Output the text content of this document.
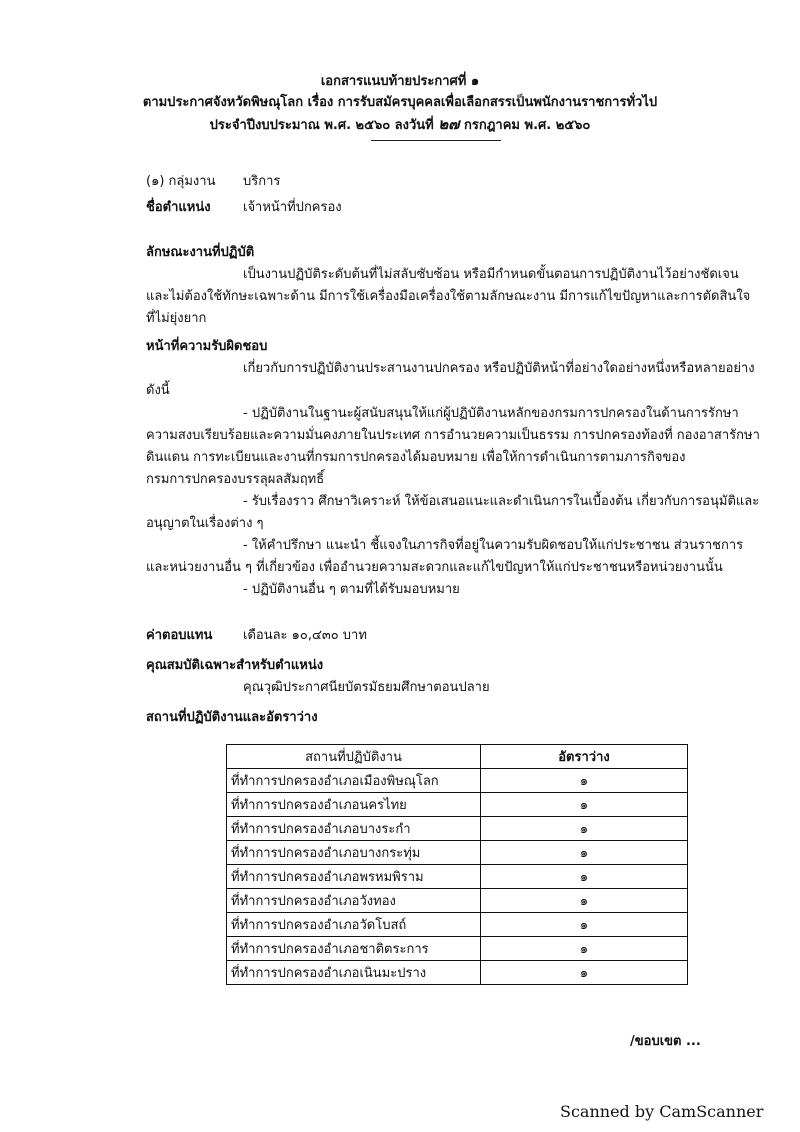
เอกสารแนบท้ายประกาศที่ ๑
ตามประกาศจังหวัดพิษณุโลก เรื่อง การรับสมัครบุคคลเพื่อเลือกสรรเป็นพนักงานราชการทั่วไป
ประจำปีงบประมาณ พ.ศ. ๒๕๖๐ ลงวันที่ ๒๗ กรกฎาคม พ.ศ. ๒๕๖๐
(๑) กลุ่มงาน บริการ
ชื่อตำแหน่ง เจ้าหน้าที่ปกครอง
ลักษณะงานที่ปฏิบัติ
เป็นงานปฏิบัติระดับต้นที่ไม่สลับซับซ้อน หรือมีกำหนดขั้นตอนการปฏิบัติงานไว้อย่างชัดเจน
และไม่ต้องใช้ทักษะเฉพาะด้าน มีการใช้เครื่องมือเครื่องใช้ตามลักษณะงาน มีการแก้ไขปัญหาและการตัดสินใจ
ที่ไม่ยุ่งยาก
หน้าที่ความรับผิดชอบ
เกี่ยวกับการปฏิบัติงานประสานงานปกครอง หรือปฏิบัติหน้าที่อย่างใดอย่างหนึ่งหรือหลายอย่าง
ดังนี้
- ปฏิบัติงานในฐานะผู้สนับสนุนให้แก่ผู้ปฏิบัติงานหลักของกรมการปกครองในด้านการรักษา
ความสงบเรียบร้อยและความมั่นคงภายในประเทศ การอำนวยความเป็นธรรม การปกครองท้องที่ กองอาสารักษา
ดินแดน การทะเบียนและงานที่กรมการปกครองได้มอบหมาย เพื่อให้การดำเนินการตามภารกิจของ
กรมการปกครองบรรลุผลสัมฤทธิ์
- รับเรื่องราว ศึกษาวิเคราะห์ ให้ข้อเสนอแนะและดำเนินการในเบื้องต้น เกี่ยวกับการอนุมัติและ
อนุญาตในเรื่องต่าง ๆ
- ให้คำปรึกษา แนะนำ ชี้แจงในภารกิจที่อยู่ในความรับผิดชอบให้แก่ประชาชน ส่วนราชการ
และหน่วยงานอื่น ๆ ที่เกี่ยวข้อง เพื่ออำนวยความสะดวกและแก้ไขปัญหาให้แก่ประชาชนหรือหน่วยงานนั้น
- ปฏิบัติงานอื่น ๆ ตามที่ได้รับมอบหมาย
ค่าตอบแทน เดือนละ ๑๐,๔๓๐ บาท
คุณสมบัติเฉพาะสำหรับตำแหน่ง
คุณวุฒิประกาศนียบัตรมัธยมศึกษาตอนปลาย
สถานที่ปฏิบัติงานและอัตราว่าง
สถานที่ปฏิบัติงาน	อัตราว่าง
ที่ทำการปกครองอำเภอเมืองพิษณุโลก	๑
ที่ทำการปกครองอำเภอนครไทย	๑
ที่ทำการปกครองอำเภอบางระกำ	๑
ที่ทำการปกครองอำเภอบางกระทุ่ม	๑
ที่ทำการปกครองอำเภอพรหมพิราม	๑
ที่ทำการปกครองอำเภอวังทอง	๑
ที่ทำการปกครองอำเภอวัดโบสถ์	๑
ที่ทำการปกครองอำเภอชาติตระการ	๑
ที่ทำการปกครองอำเภอเนินมะปราง	๑
/ขอบเขต ...
Scanned by CamScanner
